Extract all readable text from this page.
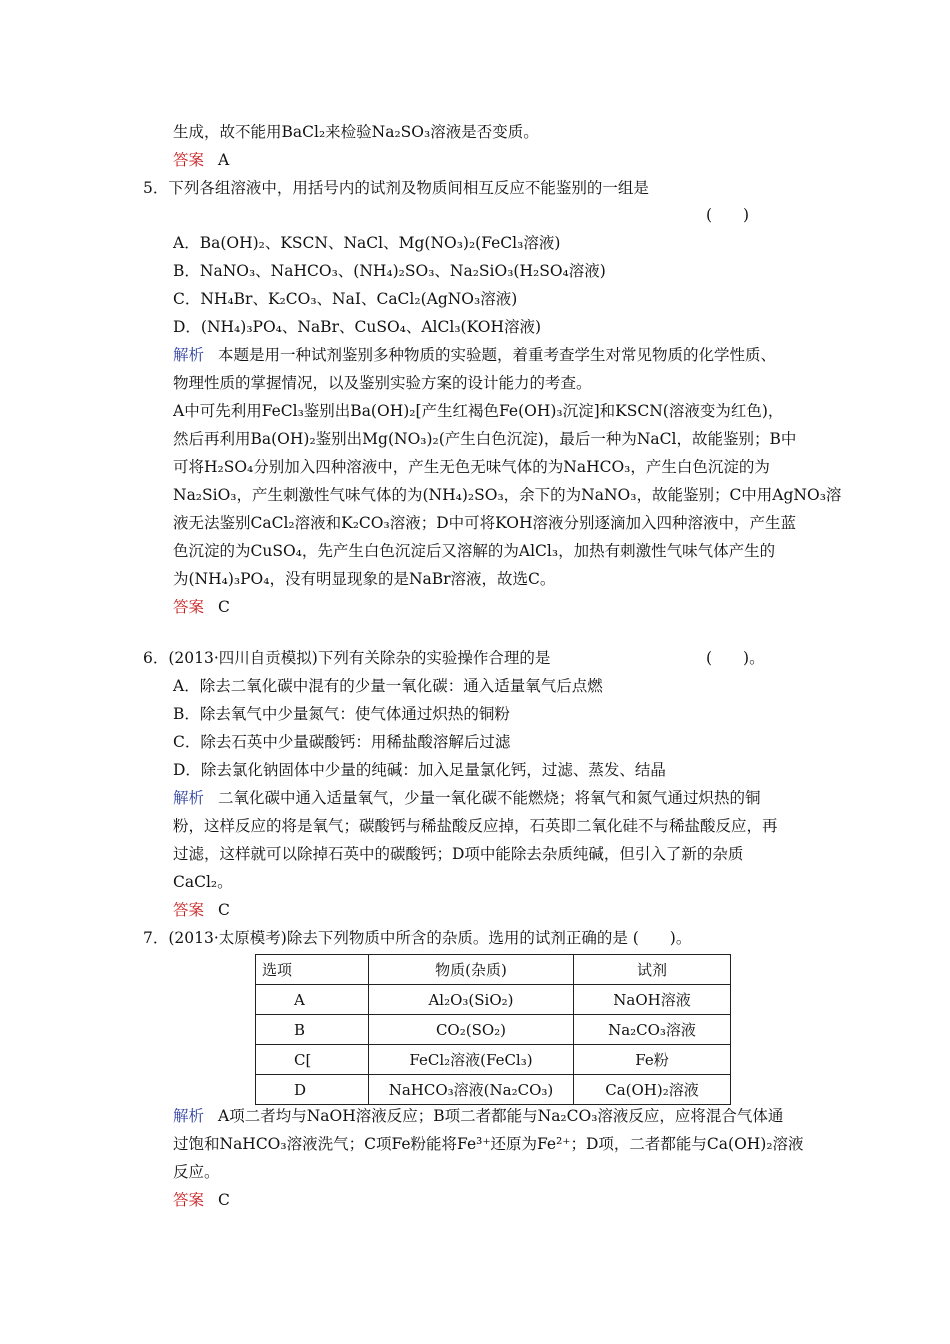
生成，故不能用BaCl₂来检验Na₂SO₃溶液是否变质。
答案 A
5．下列各组溶液中，用括号内的试剂及物质间相互反应不能鉴别的一组是
(　　)
A．Ba(OH)₂、KSCN、NaCl、Mg(NO₃)₂(FeCl₃溶液)
B．NaNO₃、NaHCO₃、(NH₄)₂SO₃、Na₂SiO₃(H₂SO₄溶液)
C．NH₄Br、K₂CO₃、NaI、CaCl₂(AgNO₃溶液)
D．(NH₄)₃PO₄、NaBr、CuSO₄、AlCl₃(KOH溶液)
解析 本题是用一种试剂鉴别多种物质的实验题，着重考查学生对常见物质的化学性质、
物理性质的掌握情况，以及鉴别实验方案的设计能力的考查。
A中可先利用FeCl₃鉴别出Ba(OH)₂[产生红褐色Fe(OH)₃沉淀]和KSCN(溶液变为红色)，
然后再利用Ba(OH)₂鉴别出Mg(NO₃)₂(产生白色沉淀)，最后一种为NaCl，故能鉴别；B中
可将H₂SO₄分别加入四种溶液中，产生无色无味气体的为NaHCO₃，产生白色沉淀的为
Na₂SiO₃，产生刺激性气味气体的为(NH₄)₂SO₃，余下的为NaNO₃，故能鉴别；C中用AgNO₃溶
液无法鉴别CaCl₂溶液和K₂CO₃溶液；D中可将KOH溶液分别逐滴加入四种溶液中，产生蓝
色沉淀的为CuSO₄，先产生白色沉淀后又溶解的为AlCl₃，加热有刺激性气味气体产生的
为(NH₄)₃PO₄，没有明显现象的是NaBr溶液，故选C。
答案 C
6．(2013·四川自贡模拟)下列有关除杂的实验操作合理的是	(　　)。
A．除去二氧化碳中混有的少量一氧化碳：通入适量氧气后点燃
B．除去氧气中少量氮气：使气体通过炽热的铜粉
C．除去石英中少量碳酸钙：用稀盐酸溶解后过滤
D．除去氯化钠固体中少量的纯碱：加入足量氯化钙，过滤、蒸发、结晶
解析 二氧化碳中通入适量氧气，少量一氧化碳不能燃烧；将氧气和氮气通过炽热的铜
粉，这样反应的将是氧气；碳酸钙与稀盐酸反应掉，石英即二氧化硅不与稀盐酸反应，再
过滤，这样就可以除掉石英中的碳酸钙；D项中能除去杂质纯碱，但引入了新的杂质
CaCl₂。
答案 C
7．(2013·太原模考)除去下列物质中所含的杂质。选用的试剂正确的是 (　　)。
选项	物质(杂质)	试剂
A	Al₂O₃(SiO₂)	NaOH溶液
B	CO₂(SO₂)	Na₂CO₃溶液
C[	FeCl₂溶液(FeCl₃)	Fe粉
D	NaHCO₃溶液(Na₂CO₃)	Ca(OH)₂溶液
解析 A项二者均与NaOH溶液反应；B项二者都能与Na₂CO₃溶液反应，应将混合气体通
过饱和NaHCO₃溶液洗气；C项Fe粉能将Fe³⁺还原为Fe²⁺；D项，二者都能与Ca(OH)₂溶液
反应。
答案 C
